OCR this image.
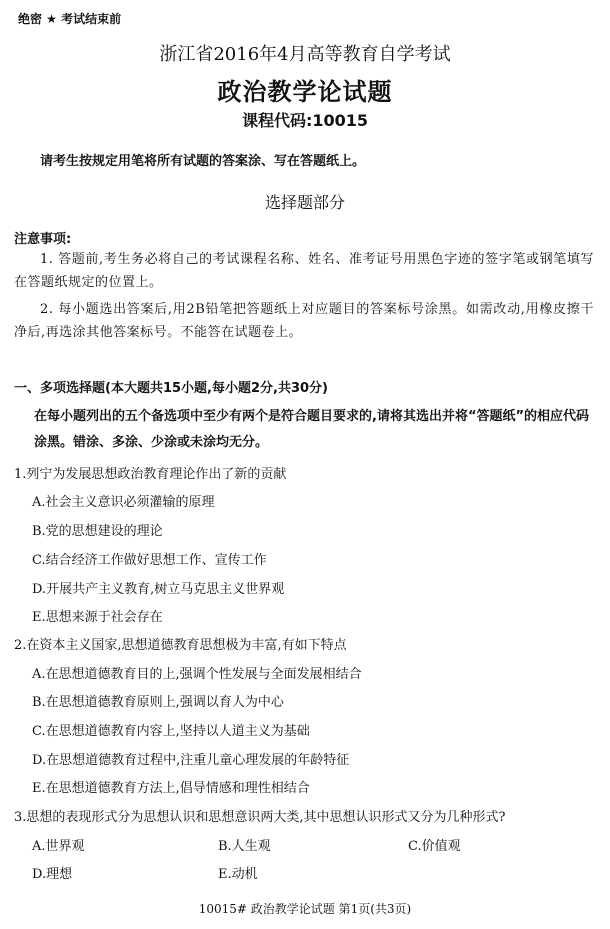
绝密 ★ 考试结束前
浙江省2016年4月高等教育自学考试
政治教学论试题
课程代码:10015
请考生按规定用笔将所有试题的答案涂、写在答题纸上。
选择题部分
注意事项:
1. 答题前,考生务必将自己的考试课程名称、姓名、准考证号用黑色字迹的签字笔或钢笔填写在答题纸规定的位置上。
2. 每小题选出答案后,用2B铅笔把答题纸上对应题目的答案标号涂黑。如需改动,用橡皮擦干净后,再选涂其他答案标号。不能答在试题卷上。
一、多项选择题(本大题共15小题,每小题2分,共30分)
在每小题列出的五个备选项中至少有两个是符合题目要求的,请将其选出并将“答题纸”的相应代码涂黑。错涂、多涂、少涂或未涂均无分。
1.列宁为发展思想政治教育理论作出了新的贡献
A.社会主义意识必须灌输的原理
B.党的思想建设的理论
C.结合经济工作做好思想工作、宣传工作
D.开展共产主义教育,树立马克思主义世界观
E.思想来源于社会存在
2.在资本主义国家,思想道德教育思想极为丰富,有如下特点
A.在思想道德教育目的上,强调个性发展与全面发展相结合
B.在思想道德教育原则上,强调以育人为中心
C.在思想道德教育内容上,坚持以人道主义为基础
D.在思想道德教育过程中,注重儿童心理发展的年龄特征
E.在思想道德教育方法上,倡导情感和理性相结合
3.思想的表现形式分为思想认识和思想意识两大类,其中思想认识形式又分为几种形式?
A.世界观	B.人生观	C.价值观
D.理想	E.动机
10015# 政治教学论试题 第1页(共3页)
